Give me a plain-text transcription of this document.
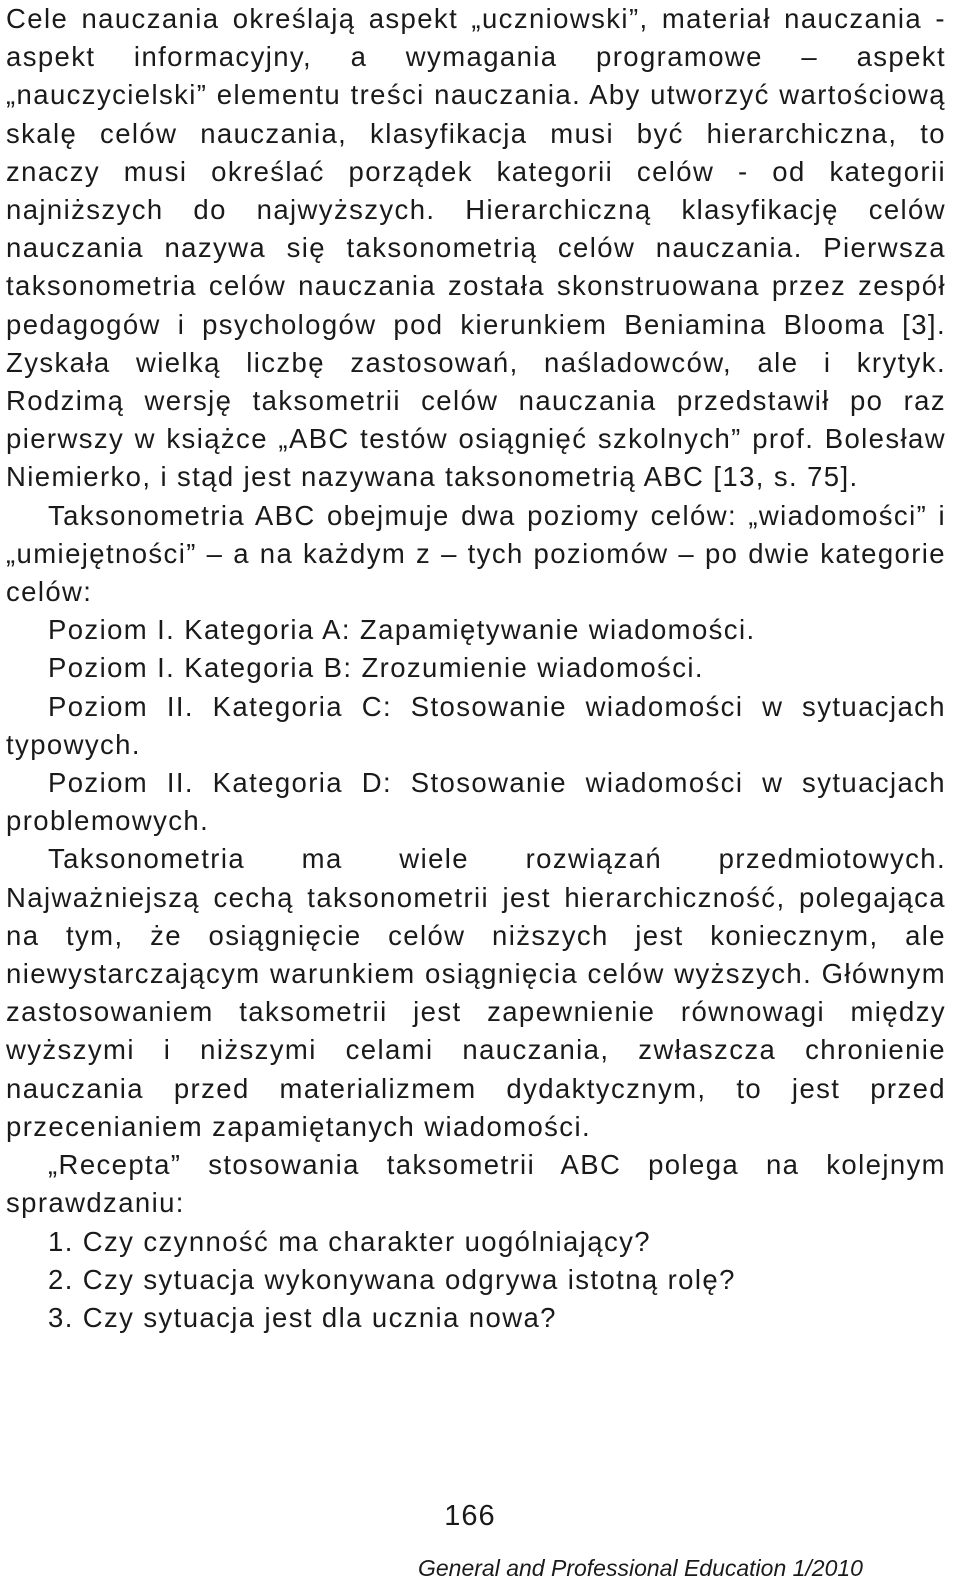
Cele nauczania określają aspekt „uczniowski”, materiał nauczania - aspekt informacyjny, a wymagania programowe – aspekt „nauczycielski” elementu treści nauczania. Aby utworzyć wartościową skalę celów nauczania, klasyfikacja musi być hierarchiczna, to znaczy musi określać porządek kategorii celów - od kategorii najniższych do najwyższych. Hierarchiczną klasyfikację celów nauczania nazywa się taksonometrią celów nauczania. Pierwsza taksonometria celów nauczania została skonstruowana przez zespół pedagogów i psychologów pod kierunkiem Beniamina Blooma [3]. Zyskała wielką liczbę zastosowań, naśladowców, ale i krytyk. Rodzimą wersję taksometrii celów nauczania przedstawił po raz pierwszy w książce „ABC testów osiągnięć szkolnych” prof. Bolesław Niemierko, i stąd jest nazywana taksonometrią ABC [13, s. 75].

Taksonometria ABC obejmuje dwa poziomy celów: „wiadomości” i „umiejętności” – a na każdym z – tych poziomów – po dwie kategorie celów:

Poziom I. Kategoria A: Zapamiętywanie wiadomości.
Poziom I. Kategoria B: Zrozumienie wiadomości.
Poziom II. Kategoria C: Stosowanie wiadomości w sytuacjach typowych.
Poziom II. Kategoria D: Stosowanie wiadomości w sytuacjach problemowych.

Taksonometria ma wiele rozwiązań przedmiotowych. Najważniejszą cechą taksonometrii jest hierarchiczność, polegająca na tym, że osiągnięcie celów niższych jest koniecznym, ale niewystarczającym warunkiem osiągnięcia celów wyższych. Głównym zastosowaniem taksometrii jest zapewnienie równowagi między wyższymi i niższymi celami nauczania, zwłaszcza chronienie nauczania przed materializmem dydaktycznym, to jest przed przecenianiem zapamiętanych wiadomości.

„Recepta” stosowania taksometrii ABC polega na kolejnym sprawdzaniu:

1. Czy czynność ma charakter uogólniający?
2. Czy sytuacja wykonywana odgrywa istotną rolę?
3. Czy sytuacja jest dla ucznia nowa?
166
General and Professional Education 1/2010
